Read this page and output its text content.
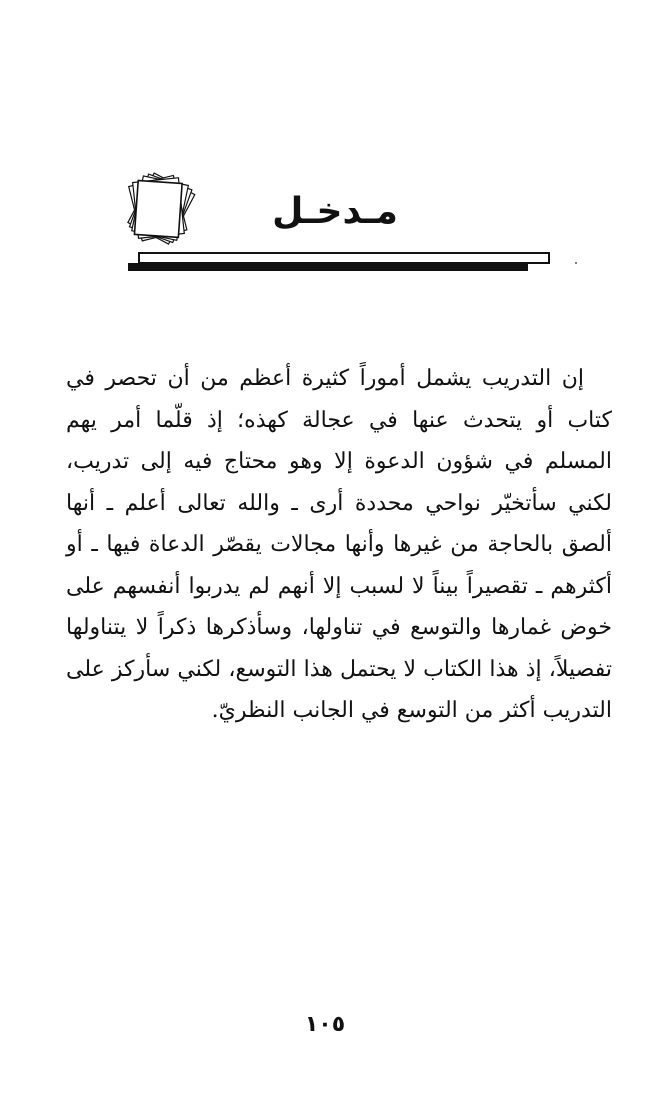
مـدخـل

إن التدريب يشمل أموراً كثيرة أعظم من أن تحصر في كتاب أو يتحدث عنها في عجالة كهذه؛ إذ قلّما أمر يهم المسلم في شؤون الدعوة إلا وهو محتاج فيه إلى تدريب، لكني سأتخيّر نواحي محددة أرى ـ والله تعالى أعلم ـ أنها ألصق بالحاجة من غيرها وأنها مجالات يقصّر الدعاة فيها ـ أو أكثرهم ـ تقصيراً بيناً لا لسبب إلا أنهم لم يدربوا أنفسهم على خوض غمارها والتوسع في تناولها، وسأذكرها ذكراً لا يتناولها تفصيلاً، إذ هذا الكتاب لا يحتمل هذا التوسع، لكني سأركز على التدريب أكثر من التوسع في الجانب النظريّ.

١٠٥
